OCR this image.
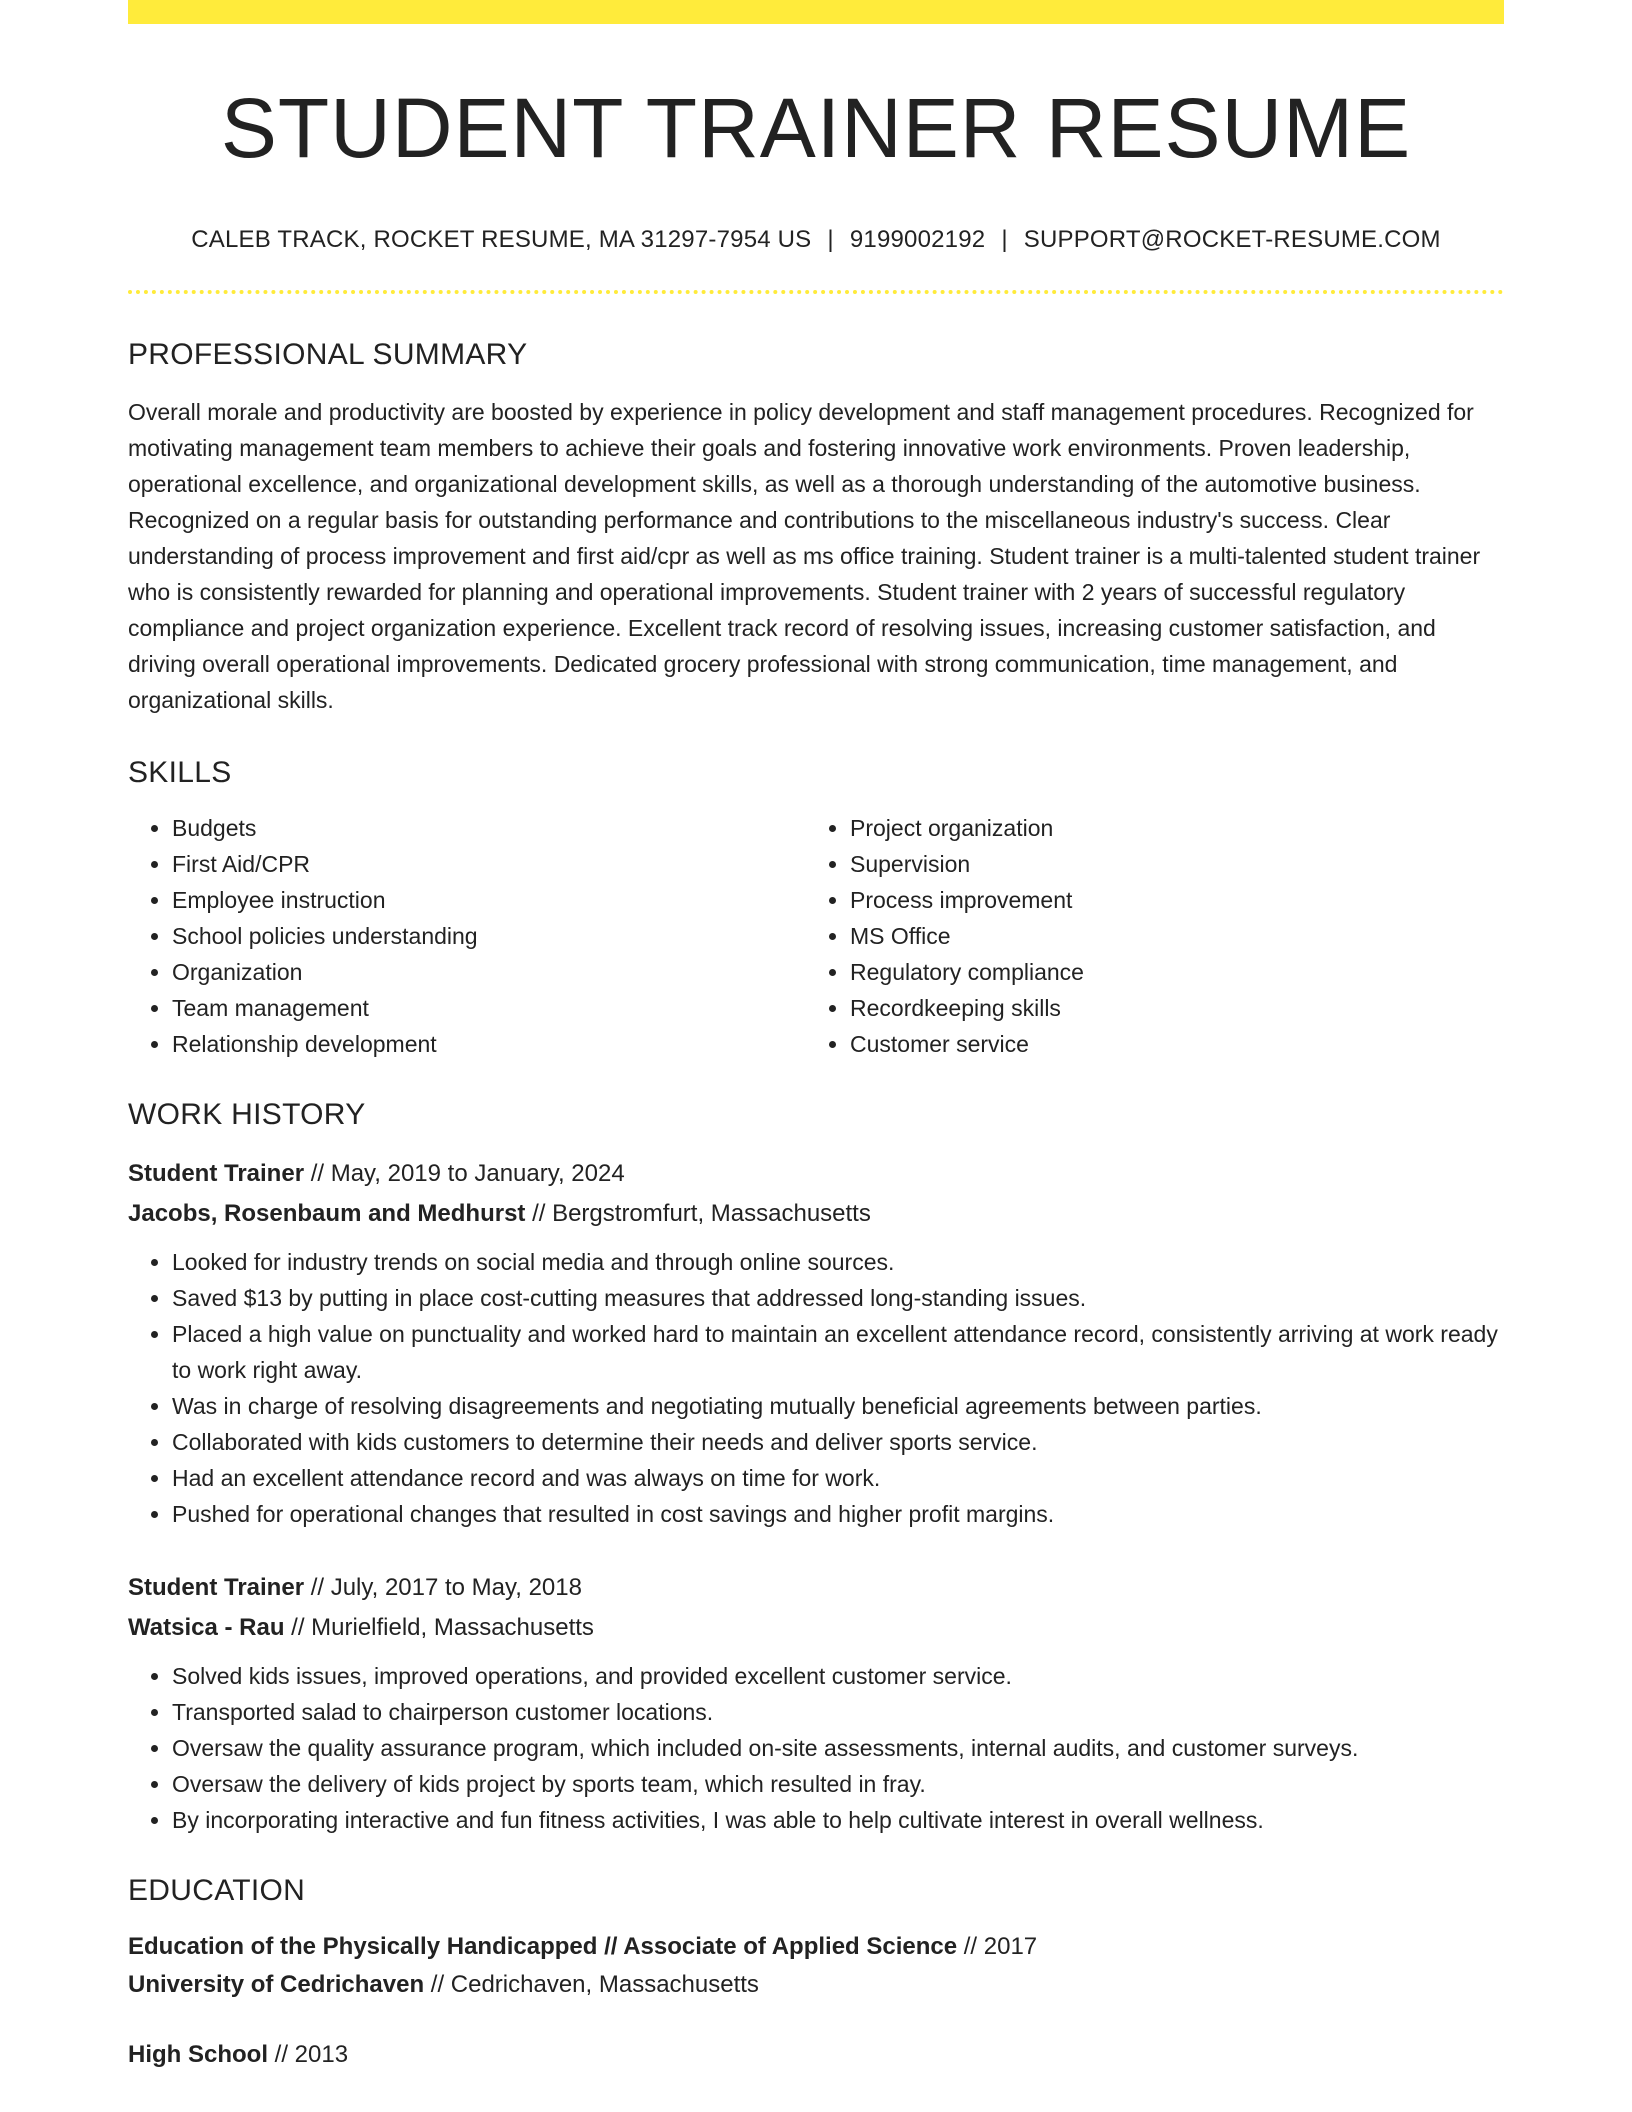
STUDENT TRAINER RESUME
CALEB TRACK, ROCKET RESUME, MA 31297-7954 US | 9199002192 | SUPPORT@ROCKET-RESUME.COM
PROFESSIONAL SUMMARY

Overall morale and productivity are boosted by experience in policy development and staff management procedures. Recognized for motivating management team members to achieve their goals and fostering innovative work environments. Proven leadership, operational excellence, and organizational development skills, as well as a thorough understanding of the automotive business. Recognized on a regular basis for outstanding performance and contributions to the miscellaneous industry's success. Clear understanding of process improvement and first aid/cpr as well as ms office training. Student trainer is a multi-talented student trainer who is consistently rewarded for planning and operational improvements. Student trainer with 2 years of successful regulatory compliance and project organization experience. Excellent track record of resolving issues, increasing customer satisfaction, and driving overall operational improvements. Dedicated grocery professional with strong communication, time management, and organizational skills.

SKILLS
• Budgets
• First Aid/CPR
• Employee instruction
• School policies understanding
• Organization
• Team management
• Relationship development
• Project organization
• Supervision
• Process improvement
• MS Office
• Regulatory compliance
• Recordkeeping skills
• Customer service
WORK HISTORY
Student Trainer // May, 2019 to January, 2024
Jacobs, Rosenbaum and Medhurst // Bergstromfurt, Massachusetts
• Looked for industry trends on social media and through online sources.
• Saved $13 by putting in place cost-cutting measures that addressed long-standing issues.
• Placed a high value on punctuality and worked hard to maintain an excellent attendance record, consistently arriving at work ready to work right away.
• Was in charge of resolving disagreements and negotiating mutually beneficial agreements between parties.
• Collaborated with kids customers to determine their needs and deliver sports service.
• Had an excellent attendance record and was always on time for work.
• Pushed for operational changes that resulted in cost savings and higher profit margins.
Student Trainer // July, 2017 to May, 2018
Watsica - Rau // Murielfield, Massachusetts
• Solved kids issues, improved operations, and provided excellent customer service.
• Transported salad to chairperson customer locations.
• Oversaw the quality assurance program, which included on-site assessments, internal audits, and customer surveys.
• Oversaw the delivery of kids project by sports team, which resulted in fray.
• By incorporating interactive and fun fitness activities, I was able to help cultivate interest in overall wellness.
EDUCATION
Education of the Physically Handicapped // Associate of Applied Science // 2017
University of Cedrichaven // Cedrichaven, Massachusetts
High School // 2013
